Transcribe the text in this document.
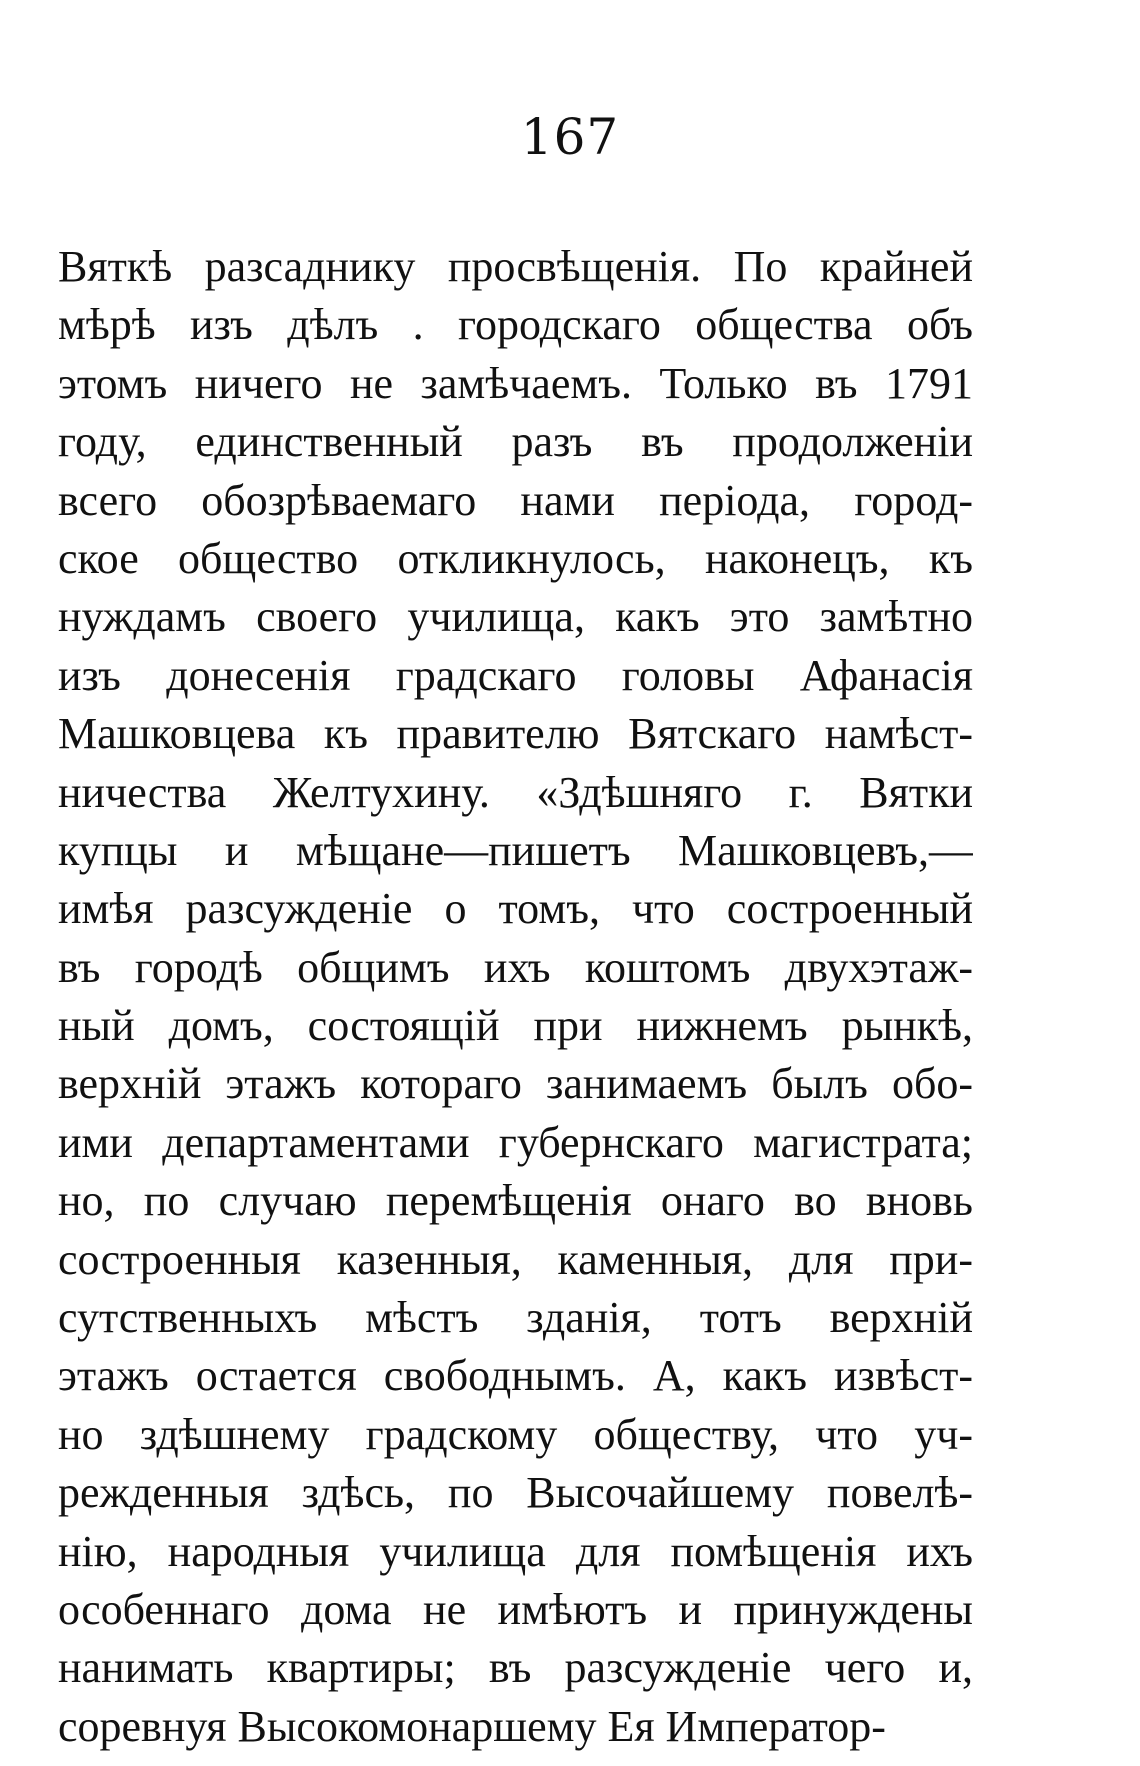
167
Вяткѣ разсаднику просвѣщенія. По крайней
мѣрѣ изъ дѣлъ . городскаго общества объ
этомъ ничего не замѣчаемъ. Только въ 1791
году, единственный разъ въ продолженіи
всего обозрѣваемаго нами періода, город-
ское общество откликнулось, наконецъ, къ
нуждамъ своего училища, какъ это замѣтно
изъ донесенія градскаго головы Афанасія
Машковцева къ правителю Вятскаго намѣст-
ничества Желтухину. «Здѣшняго г. Вятки
купцы и мѣщане—пишетъ Машковцевъ,—
имѣя разсужденіе о томъ, что состроенный
въ городѣ общимъ ихъ коштомъ двухэтаж-
ный домъ, состоящій при нижнемъ рынкѣ,
верхній этажъ котораго занимаемъ былъ обо-
ими департаментами губернскаго магистрата;
но, по случаю перемѣщенія онаго во вновь
состроенныя казенныя, каменныя, для при-
сутственныхъ мѣстъ зданія, тотъ верхній
этажъ остается свободнымъ. А, какъ извѣст-
но здѣшнему градскому обществу, что уч-
режденныя здѣсь, по Высочайшему повелѣ-
нію, народныя училища для помѣщенія ихъ
особеннаго дома не имѣютъ и принуждены
нанимать квартиры; въ разсужденіе чего и,
соревнуя Высокомонаршему Ея Император-
